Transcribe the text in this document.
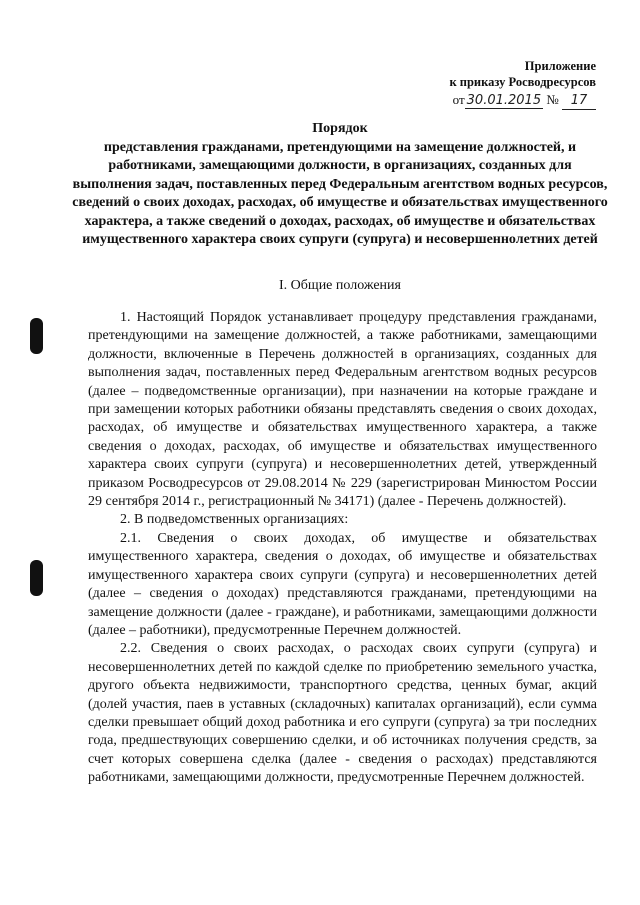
Приложение
к приказу Росводресурсов
от 30.01.2015 № 17
Порядок
представления гражданами, претендующими на замещение должностей, и работниками, замещающими должности, в организациях, созданных для выполнения задач, поставленных перед Федеральным агентством водных ресурсов, сведений о своих доходах, расходах, об имуществе и обязательствах имущественного характера, а также сведений о доходах, расходах, об имуществе и обязательствах имущественного характера своих супруги (супруга) и несовершеннолетних детей
I. Общие положения

1. Настоящий Порядок устанавливает процедуру представления гражданами, претендующими на замещение должностей, а также работниками, замещающими должности, включенные в Перечень должностей в организациях, созданных для выполнения задач, поставленных перед Федеральным агентством водных ресурсов (далее – подведомственные организации), при назначении на которые граждане и при замещении которых работники обязаны представлять сведения о своих доходах, расходах, об имуществе и обязательствах имущественного характера, а также сведения о доходах, расходах, об имуществе и обязательствах имущественного характера своих супруги (супруга) и несовершеннолетних детей, утвержденный приказом Росводресурсов от 29.08.2014 № 229 (зарегистрирован Минюстом России 29 сентября 2014 г., регистрационный № 34171) (далее - Перечень должностей).

2. В подведомственных организациях:

2.1. Сведения о своих доходах, об имуществе и обязательствах имущественного характера, сведения о доходах, об имуществе и обязательствах имущественного характера своих супруги (супруга) и несовершеннолетних детей (далее – сведения о доходах) представляются гражданами, претендующими на замещение должности (далее - граждане), и работниками, замещающими должности (далее – работники), предусмотренные Перечнем должностей.

2.2. Сведения о своих расходах, о расходах своих супруги (супруга) и несовершеннолетних детей по каждой сделке по приобретению земельного участка, другого объекта недвижимости, транспортного средства, ценных бумаг, акций (долей участия, паев в уставных (складочных) капиталах организаций), если сумма сделки превышает общий доход работника и его супруги (супруга) за три последних года, предшествующих совершению сделки, и об источниках получения средств, за счет которых совершена сделка (далее - сведения о расходах) представляются работниками, замещающими должности, предусмотренные Перечнем должностей.
